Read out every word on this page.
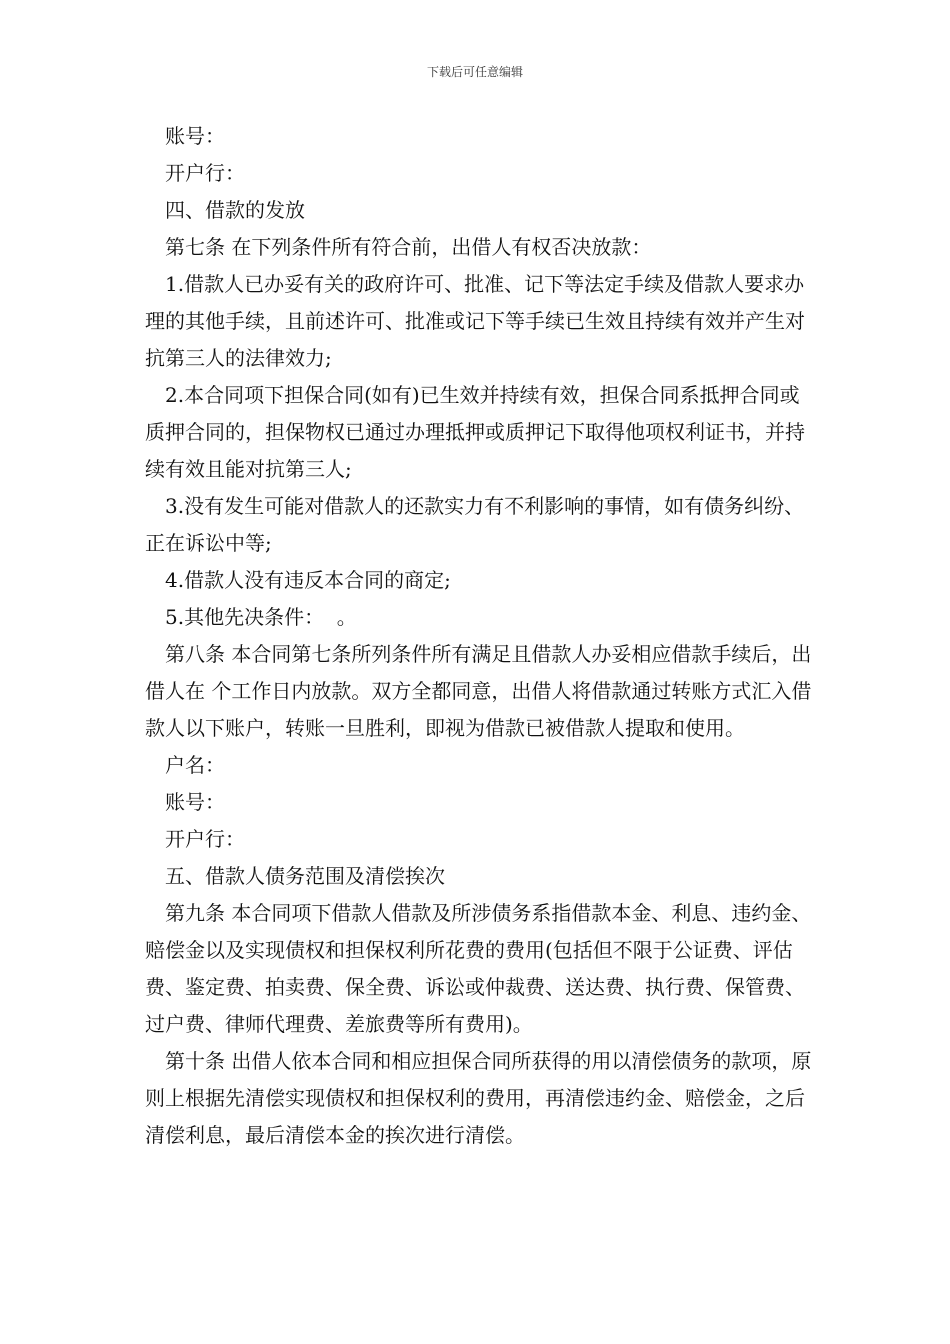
下载后可任意编辑

账号：

开户行：

四、借款的发放

第七条 在下列条件所有符合前，出借人有权否决放款：

1.借款人已办妥有关的政府许可、批准、记下等法定手续及借款人要求办理的其他手续，且前述许可、批准或记下等手续已生效且持续有效并产生对抗第三人的法律效力;

2.本合同项下担保合同(如有)已生效并持续有效，担保合同系抵押合同或质押合同的，担保物权已通过办理抵押或质押记下取得他项权利证书，并持续有效且能对抗第三人;

3.没有发生可能对借款人的还款实力有不利影响的事情，如有债务纠纷、正在诉讼中等;

4.借款人没有违反本合同的商定;

5.其他先决条件：  。

第八条 本合同第七条所列条件所有满足且借款人办妥相应借款手续后，出借人在 个工作日内放款。双方全都同意，出借人将借款通过转账方式汇入借款人以下账户，转账一旦胜利，即视为借款已被借款人提取和使用。

户名：

账号：

开户行：

五、借款人债务范围及清偿挨次

第九条 本合同项下借款人借款及所涉债务系指借款本金、利息、违约金、赔偿金以及实现债权和担保权利所花费的费用(包括但不限于公证费、评估费、鉴定费、拍卖费、保全费、诉讼或仲裁费、送达费、执行费、保管费、过户费、律师代理费、差旅费等所有费用)。

第十条 出借人依本合同和相应担保合同所获得的用以清偿债务的款项，原则上根据先清偿实现债权和担保权利的费用，再清偿违约金、赔偿金，之后清偿利息，最后清偿本金的挨次进行清偿。
